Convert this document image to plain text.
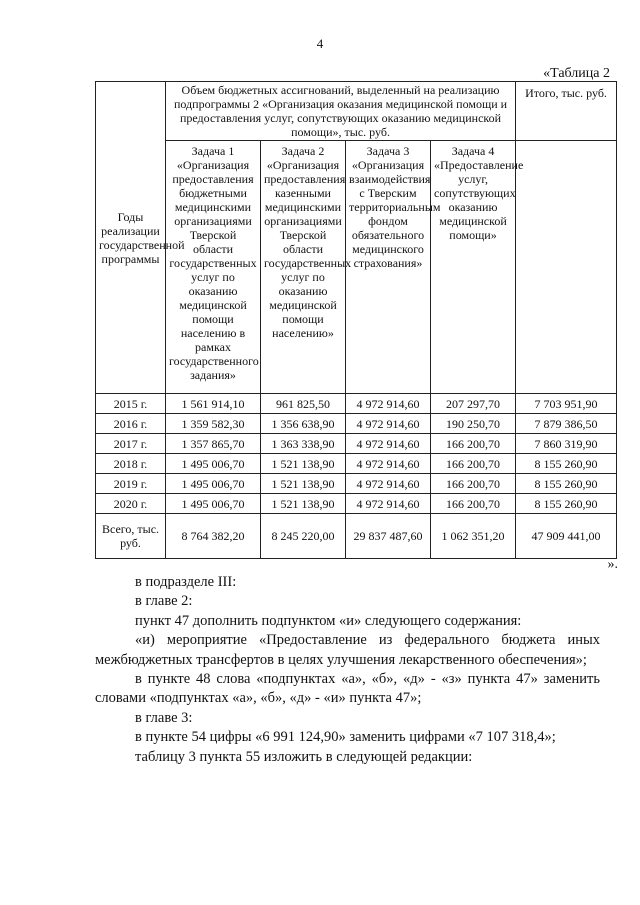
4
«Таблица 2
Годы реализации государственной программы	Объем бюджетных ассигнований, выделенный на реализацию подпрограммы 2 «Организация оказания медицинской помощи и предоставления услуг, сопутствующих оказанию медицинской помощи», тыс. руб.				Итого, тыс. руб.
	Задача 1 «Организация предоставления бюджетными медицинскими организациями Тверской области государственных услуг по оказанию медицинской помощи населению в рамках государственного задания»	Задача 2 «Организация предоставления казенными медицинскими организациями Тверской области государственных услуг по оказанию медицинской помощи населению»	Задача 3 «Организация взаимодействия с Тверским территориальным фондом обязательного медицинского страхования»	Задача 4 «Предоставление услуг, сопутствующих оказанию медицинской помощи»	
2015 г.	1 561 914,10	961 825,50	4 972 914,60	207 297,70	7 703 951,90
2016 г.	1 359 582,30	1 356 638,90	4 972 914,60	190 250,70	7 879 386,50
2017 г.	1 357 865,70	1 363 338,90	4 972 914,60	166 200,70	7 860 319,90
2018 г.	1 495 006,70	1 521 138,90	4 972 914,60	166 200,70	8 155 260,90
2019 г.	1 495 006,70	1 521 138,90	4 972 914,60	166 200,70	8 155 260,90
2020 г.	1 495 006,70	1 521 138,90	4 972 914,60	166 200,70	8 155 260,90
Всего, тыс. руб.	8 764 382,20	8 245 220,00	29 837 487,60	1 062 351,20	47 909 441,00
».

в подразделе III:

в главе 2:

пункт 47 дополнить подпунктом «и» следующего содержания:

«и) мероприятие «Предоставление из федерального бюджета иных межбюджетных трансфертов в целях улучшения лекарственного обеспечения»;

в пункте 48 слова «подпунктах «а», «б», «д» - «з» пункта 47» заменить словами «подпунктах «а», «б», «д» - «и» пункта 47»;

в главе 3:

в пункте 54 цифры «6 991 124,90» заменить цифрами «7 107 318,4»;

таблицу 3 пункта 55 изложить в следующей редакции:
